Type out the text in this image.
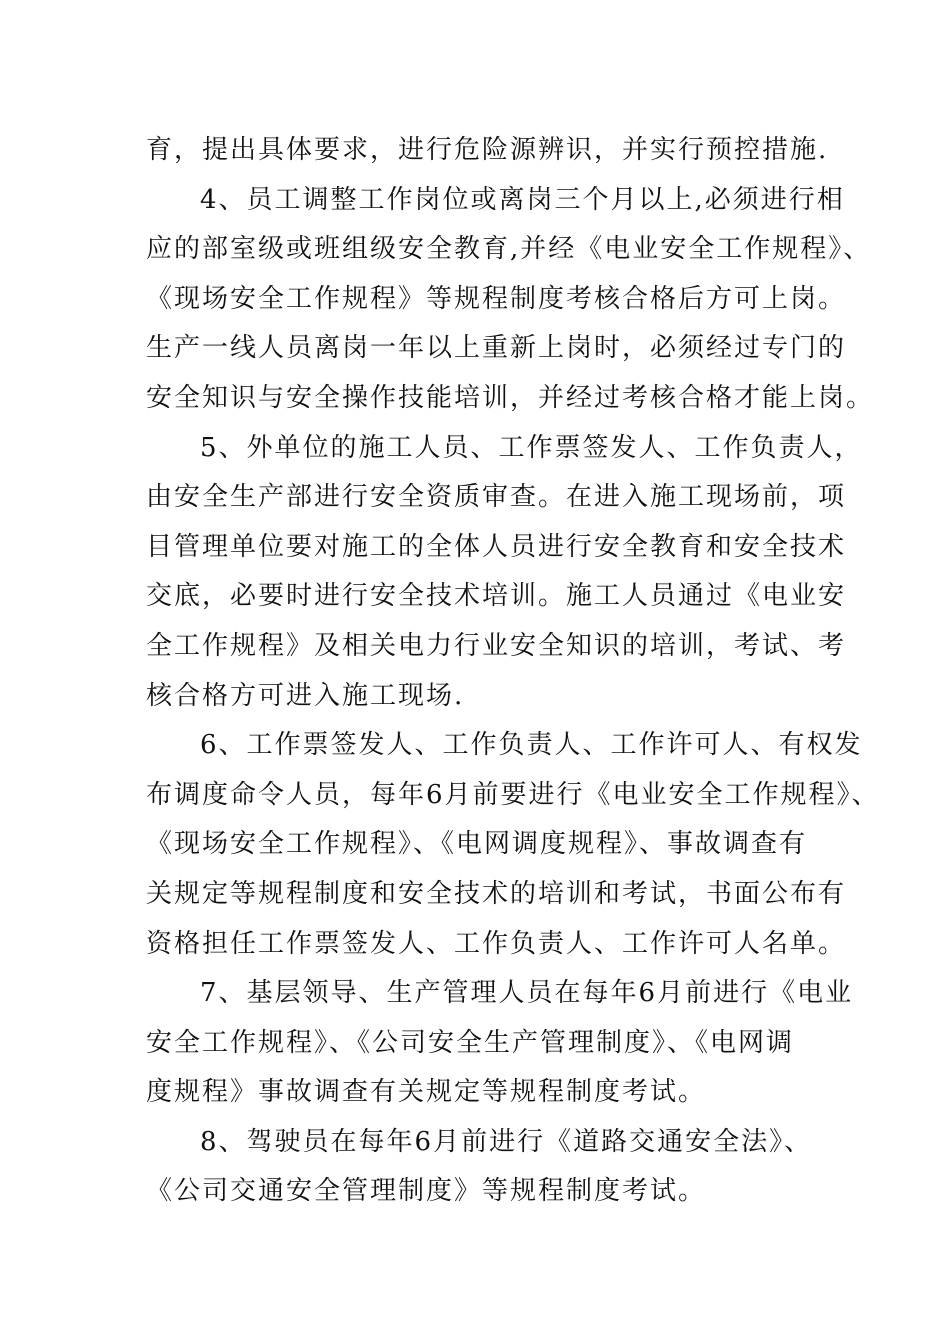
育，提出具体要求，进行危险源辨识，并实行预控措施.
4、员工调整工作岗位或离岗三个月以上,必须进行相
应的部室级或班组级安全教育,并经《电业安全工作规程》、
《现场安全工作规程》等规程制度考核合格后方可上岗。
生产一线人员离岗一年以上重新上岗时，必须经过专门的
安全知识与安全操作技能培训，并经过考核合格才能上岗。
5、外单位的施工人员、工作票签发人、工作负责人，
由安全生产部进行安全资质审查。在进入施工现场前，项
目管理单位要对施工的全体人员进行安全教育和安全技术
交底，必要时进行安全技术培训。施工人员通过《电业安
全工作规程》及相关电力行业安全知识的培训，考试、考
核合格方可进入施工现场.
6、工作票签发人、工作负责人、工作许可人、有权发
布调度命令人员，每年6月前要进行《电业安全工作规程》、
《现场安全工作规程》、《电网调度规程》、事故调查有
关规定等规程制度和安全技术的培训和考试，书面公布有
资格担任工作票签发人、工作负责人、工作许可人名单。
7、基层领导、生产管理人员在每年6月前进行《电业
安全工作规程》、《公司安全生产管理制度》、《电网调
度规程》事故调查有关规定等规程制度考试。
8、驾驶员在每年6月前进行《道路交通安全法》、
《公司交通安全管理制度》等规程制度考试。
